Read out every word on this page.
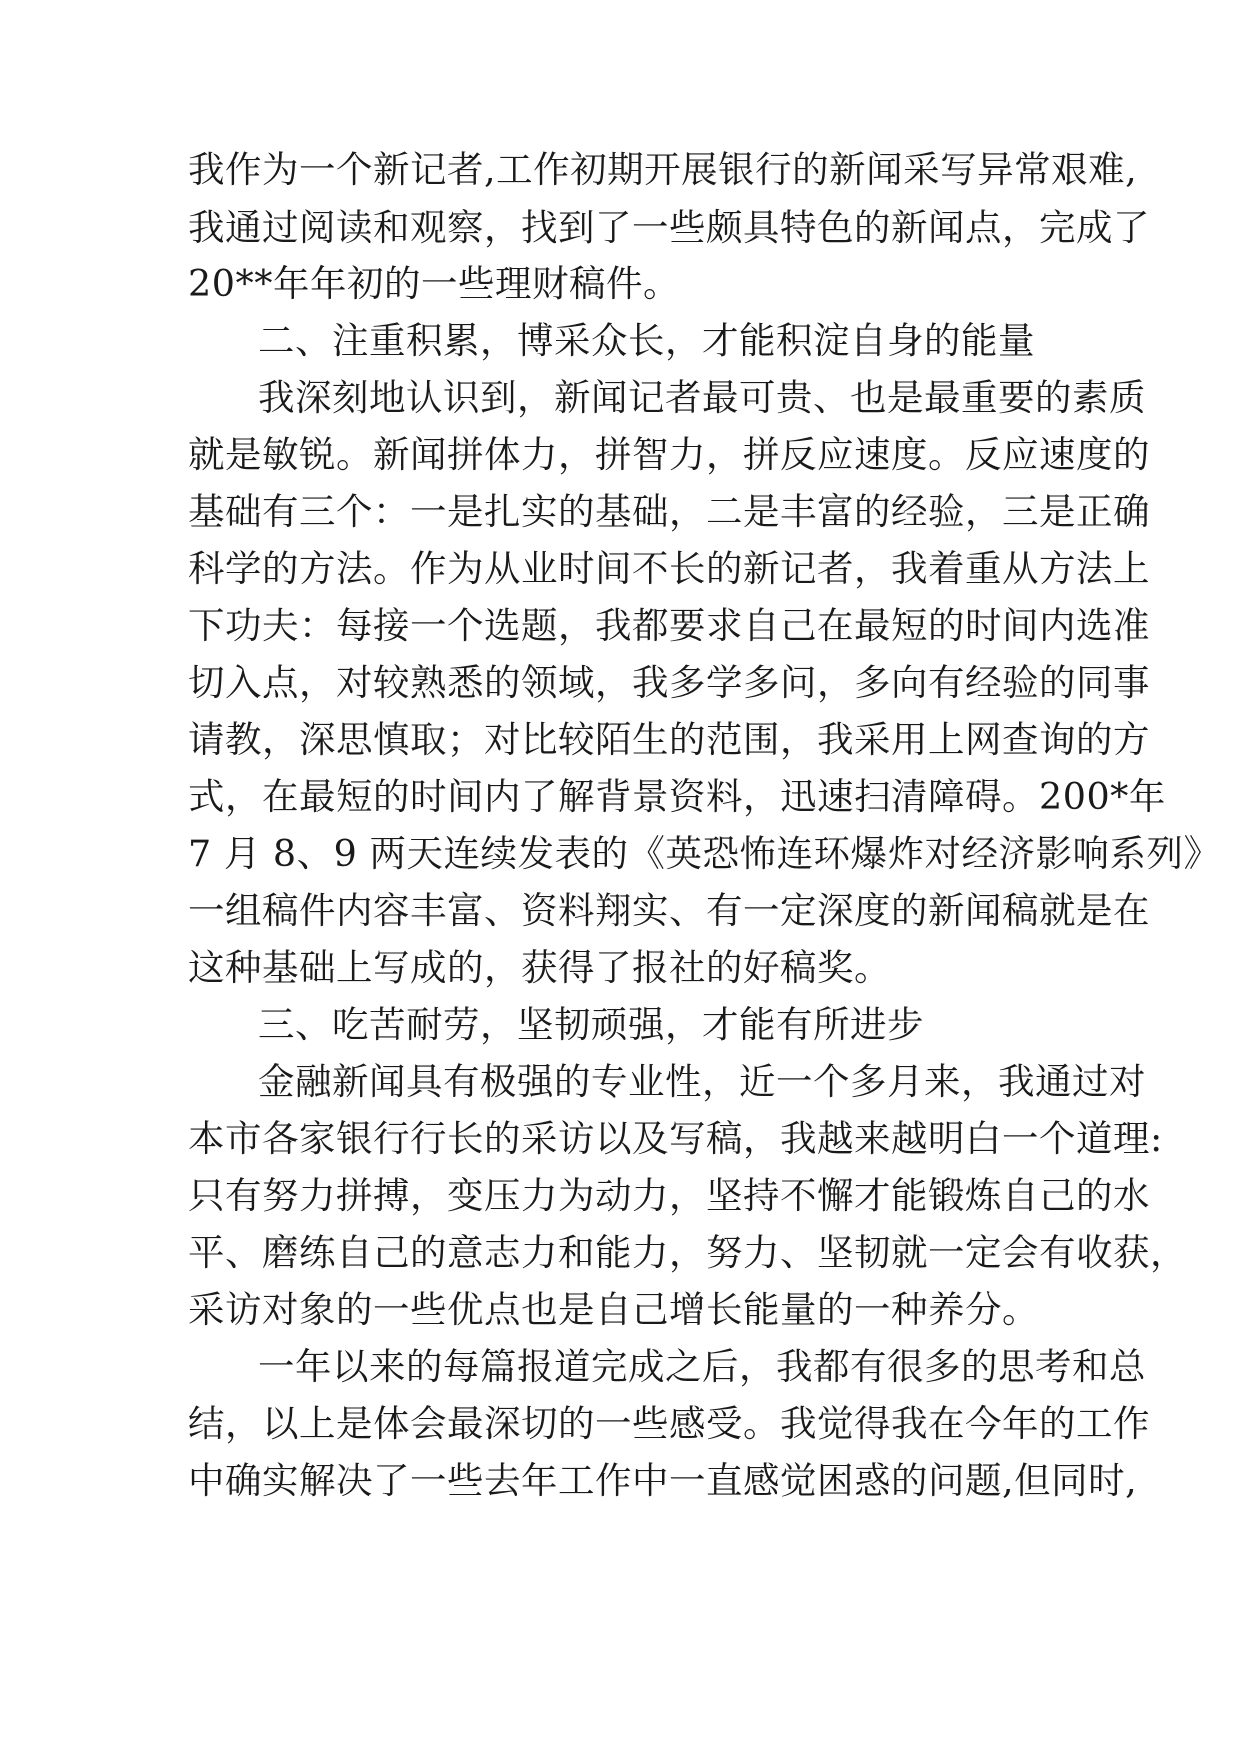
我作为一个新记者,工作初期开展银行的新闻采写异常艰难,
我通过阅读和观察，找到了一些颇具特色的新闻点，完成了
20**年年初的一些理财稿件。
二、注重积累，博采众长，才能积淀自身的能量
我深刻地认识到，新闻记者最可贵、也是最重要的素质
就是敏锐。新闻拼体力，拼智力，拼反应速度。反应速度的
基础有三个：一是扎实的基础，二是丰富的经验，三是正确
科学的方法。作为从业时间不长的新记者，我着重从方法上
下功夫：每接一个选题，我都要求自己在最短的时间内选准
切入点，对较熟悉的领域，我多学多问，多向有经验的同事
请教，深思慎取；对比较陌生的范围，我采用上网查询的方
式，在最短的时间内了解背景资料，迅速扫清障碍。200*年
7 月 8、9 两天连续发表的《英恐怖连环爆炸对经济影响系列》
一组稿件内容丰富、资料翔实、有一定深度的新闻稿就是在
这种基础上写成的，获得了报社的好稿奖。
三、吃苦耐劳，坚韧顽强，才能有所进步
金融新闻具有极强的专业性，近一个多月来，我通过对
本市各家银行行长的采访以及写稿，我越来越明白一个道理:
只有努力拼搏，变压力为动力，坚持不懈才能锻炼自己的水
平、磨练自己的意志力和能力，努力、坚韧就一定会有收获，
采访对象的一些优点也是自己增长能量的一种养分。
一年以来的每篇报道完成之后，我都有很多的思考和总
结，以上是体会最深切的一些感受。我觉得我在今年的工作
中确实解决了一些去年工作中一直感觉困惑的问题,但同时,
